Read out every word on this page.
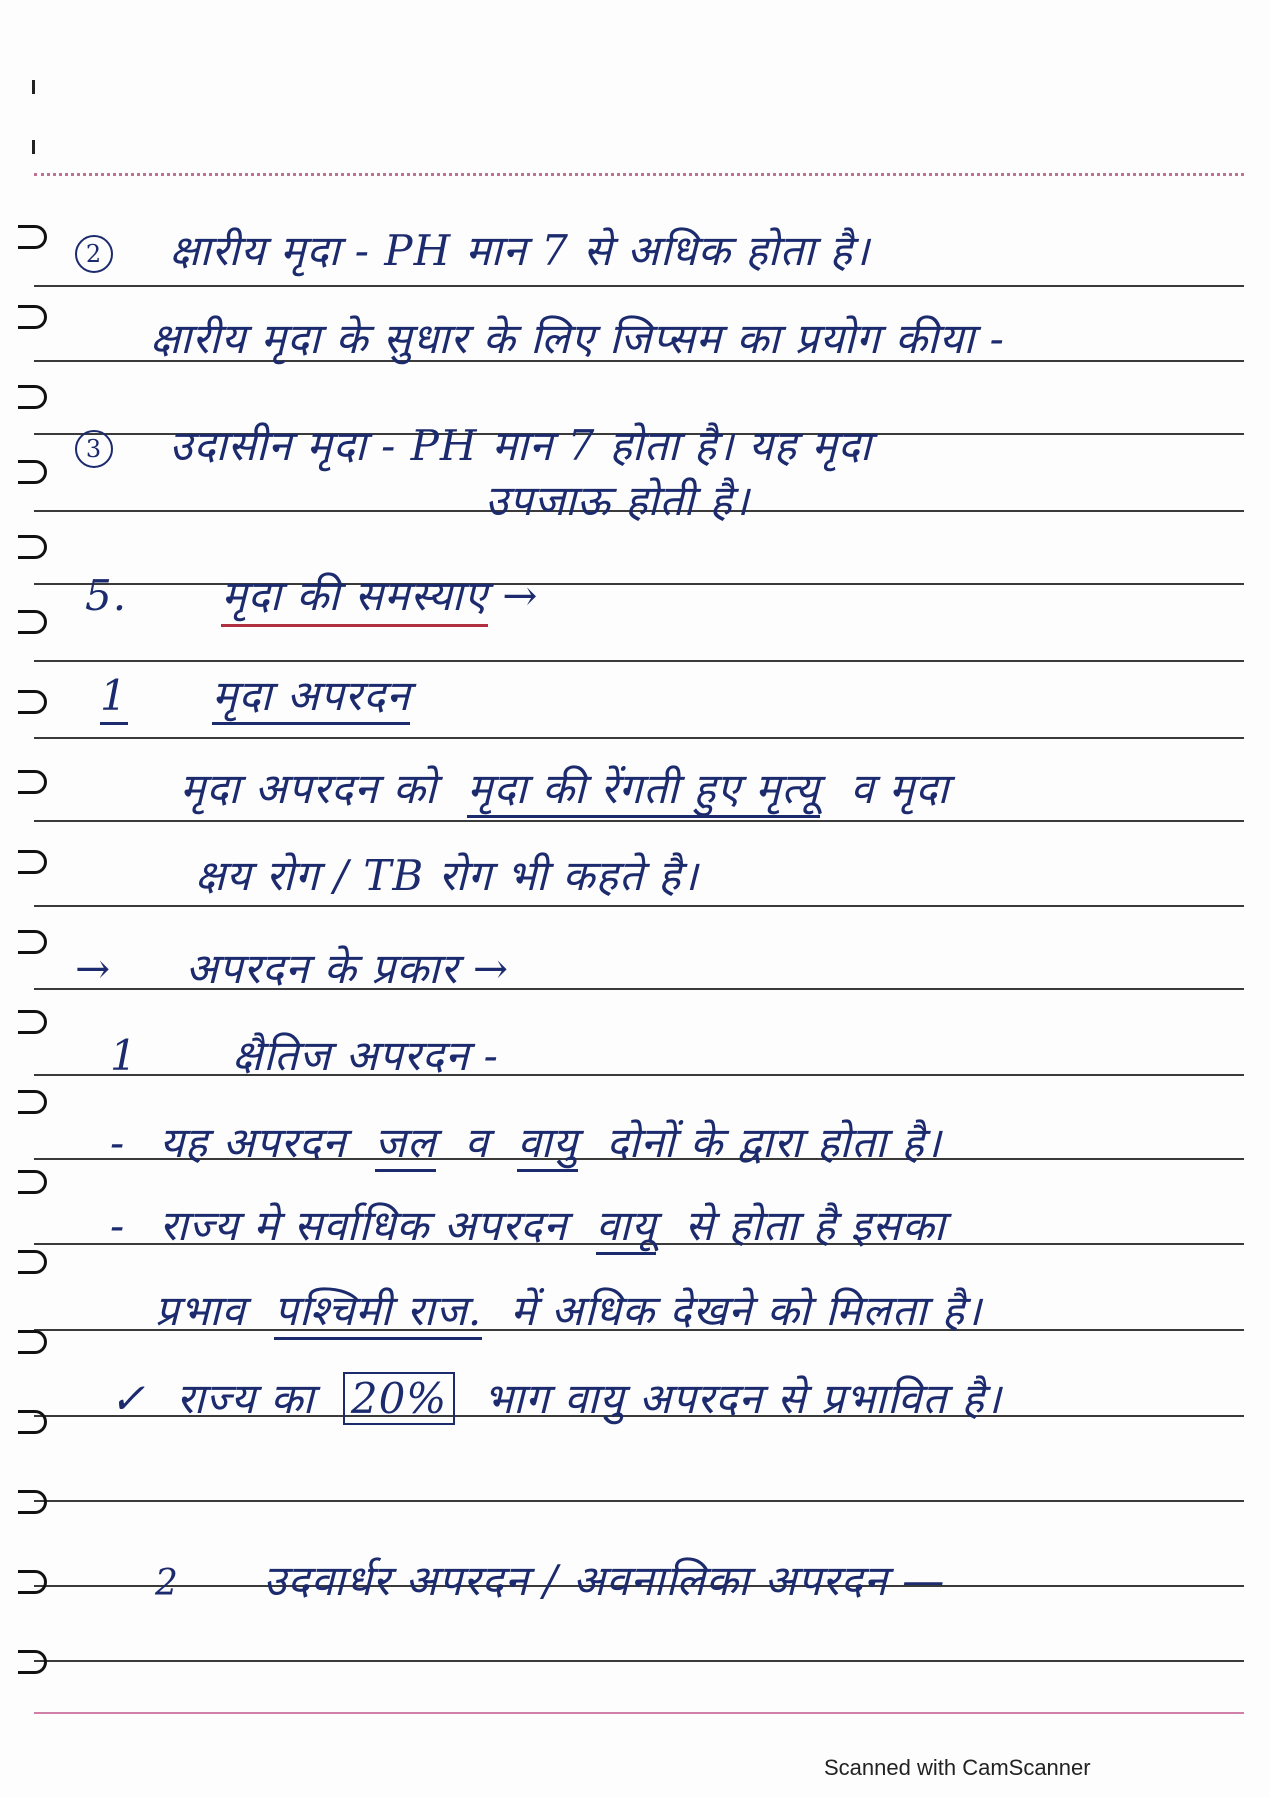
2 क्षारीय मृदा - PH मान 7 से अधिक होता है।
क्षारीय मृदा के सुधार के लिए जिप्सम का प्रयोग कीया -
3 उदासीन मृदा - PH मान 7 होता है। यह मृदा
उपजाऊ होती है।
5. मृदा की समस्याए →
1 मृदा अपरदन
मृदा अपरदन को मृदा की रेंगती हुए मृत्यू व मृदा
क्षय रोग / TB रोग भी कहते है।
→ अपरदन के प्रकार →
1 क्षैतिज अपरदन -
- यह अपरदन जल व वायु दोनों के द्वारा होता है।
- राज्य मे सर्वाधिक अपरदन वायू से होता है इसका
प्रभाव पश्चिमी राज. में अधिक देखने को मिलता है।
✓ राज्य का 20% भाग वायु अपरदन से प्रभावित है।
2 उदवार्धर अपरदन / अवनालिका अपरदन —
Scanned with CamScanner
